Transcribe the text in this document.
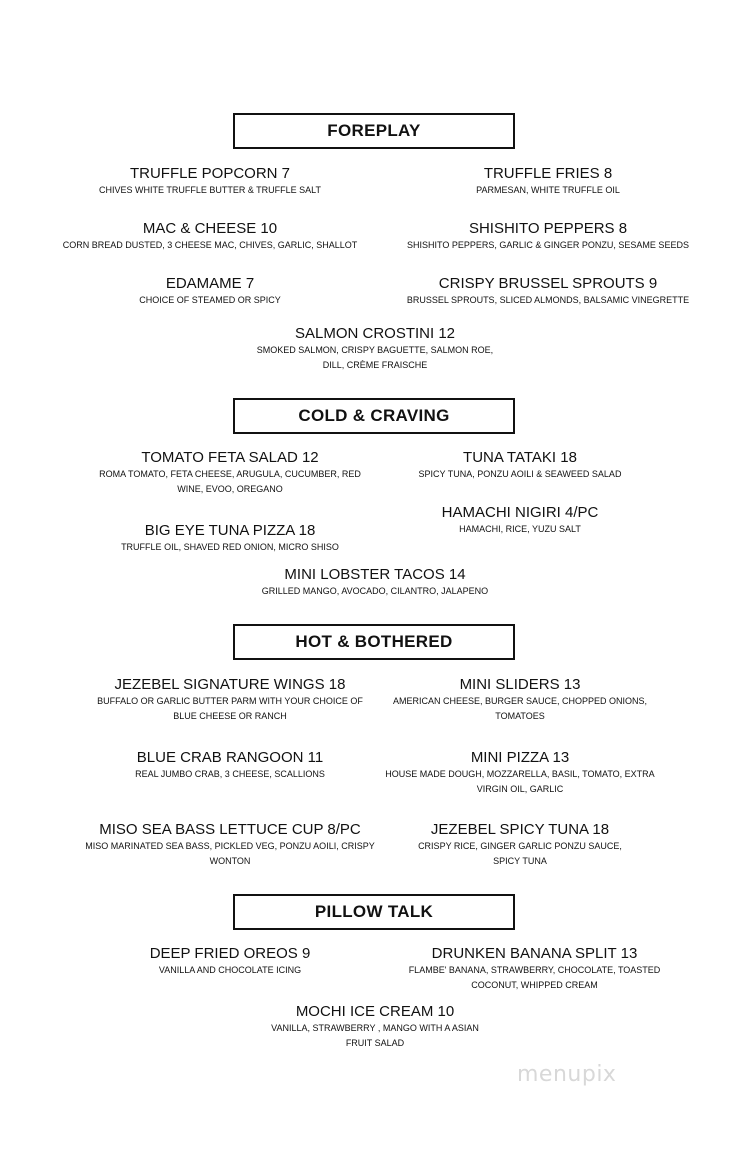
FOREPLAY
TRUFFLE POPCORN 7
CHIVES WHITE TRUFFLE BUTTER & TRUFFLE SALT
TRUFFLE FRIES 8
PARMESAN, WHITE TRUFFLE OIL
MAC & CHEESE 10
CORN BREAD DUSTED, 3 CHEESE MAC, CHIVES, GARLIC, SHALLOT
SHISHITO PEPPERS 8
SHISHITO PEPPERS, GARLIC & GINGER PONZU, SESAME SEEDS
EDAMAME 7
CHOICE OF STEAMED OR SPICY
CRISPY BRUSSEL SPROUTS 9
BRUSSEL SPROUTS, SLICED ALMONDS, BALSAMIC VINEGRETTE
SALMON CROSTINI 12
SMOKED SALMON, CRISPY BAGUETTE, SALMON ROE, DILL, CRÈME FRAISCHE
COLD & CRAVING
TOMATO FETA SALAD 12
ROMA TOMATO, FETA CHEESE, ARUGULA, CUCUMBER, RED WINE, EVOO, OREGANO
TUNA TATAKI 18
SPICY TUNA, PONZU AOILI & SEAWEED SALAD
HAMACHI NIGIRI 4/PC
HAMACHI, RICE, YUZU SALT
BIG EYE TUNA PIZZA 18
TRUFFLE OIL, SHAVED RED ONION, MICRO SHISO
MINI LOBSTER TACOS 14
GRILLED MANGO, AVOCADO, CILANTRO, JALAPENO
HOT & BOTHERED
JEZEBEL SIGNATURE WINGS 18
BUFFALO OR GARLIC BUTTER PARM WITH YOUR CHOICE OF BLUE CHEESE OR RANCH
MINI SLIDERS 13
AMERICAN CHEESE, BURGER SAUCE, CHOPPED ONIONS, TOMATOES
BLUE CRAB RANGOON 11
REAL JUMBO CRAB, 3 CHEESE, SCALLIONS
MINI PIZZA 13
HOUSE MADE DOUGH, MOZZARELLA, BASIL, TOMATO, EXTRA VIRGIN OIL, GARLIC
MISO SEA BASS LETTUCE CUP 8/PC
MISO MARINATED SEA BASS, PICKLED VEG, PONZU AOILI, CRISPY WONTON
JEZEBEL SPICY TUNA 18
CRISPY RICE, GINGER GARLIC PONZU SAUCE, SPICY TUNA
PILLOW TALK
DEEP FRIED OREOS 9
VANILLA AND CHOCOLATE ICING
DRUNKEN BANANA SPLIT 13
FLAMBE' BANANA, STRAWBERRY, CHOCOLATE, TOASTED COCONUT, WHIPPED CREAM
MOCHI ICE CREAM 10
VANILLA, STRAWBERRY , MANGO WITH A ASIAN FRUIT SALAD
menupix
